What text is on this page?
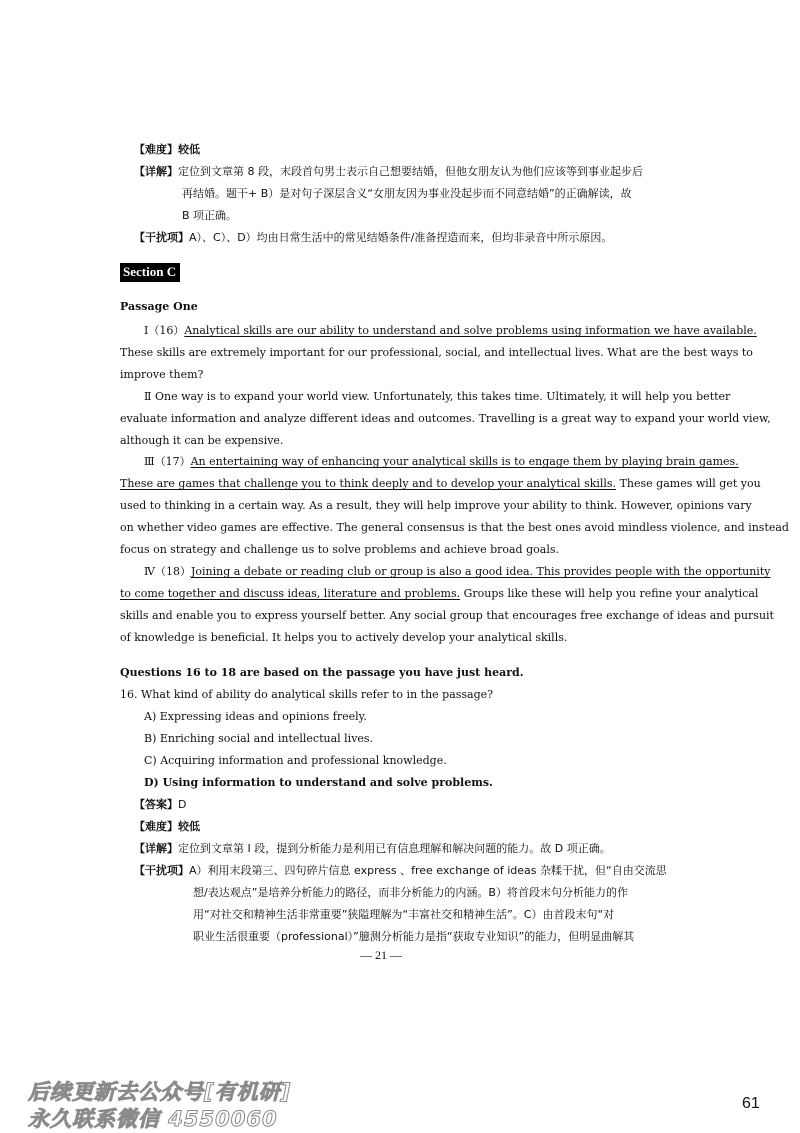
【难度】较低
【详解】定位到文章第 8 段，末段首句男士表示自己想要结婚，但他女朋友认为他们应该等到事业起步后
再结婚。题干+ B）是对句子深层含义“女朋友因为事业没起步而不同意结婚”的正确解读，故
B 项正确。
【干扰项】A）、C）、D）均由日常生活中的常见结婚条件/准备捏造而来，但均非录音中所示原因。
Section C
Passage One
Ⅰ（16）Analytical skills are our ability to understand and solve problems using information we have available.
These skills are extremely important for our professional, social, and intellectual lives. What are the best ways to
improve them?
Ⅱ One way is to expand your world view. Unfortunately, this takes time. Ultimately, it will help you better
evaluate information and analyze different ideas and outcomes. Travelling is a great way to expand your world view,
although it can be expensive.
Ⅲ（17）An entertaining way of enhancing your analytical skills is to engage them by playing brain games.
These are games that challenge you to think deeply and to develop your analytical skills. These games will get you
used to thinking in a certain way. As a result, they will help improve your ability to think. However, opinions vary
on whether video games are effective. The general consensus is that the best ones avoid mindless violence, and instead
focus on strategy and challenge us to solve problems and achieve broad goals.
Ⅳ（18）Joining a debate or reading club or group is also a good idea. This provides people with the opportunity
to come together and discuss ideas, literature and problems. Groups like these will help you refine your analytical
skills and enable you to express yourself better. Any social group that encourages free exchange of ideas and pursuit
of knowledge is beneficial. It helps you to actively develop your analytical skills.
Questions 16 to 18 are based on the passage you have just heard.
16. What kind of ability do analytical skills refer to in the passage?
A) Expressing ideas and opinions freely.
B) Enriching social and intellectual lives.
C) Acquiring information and professional knowledge.
D) Using information to understand and solve problems.
【答案】D
【难度】较低
【详解】定位到文章第 I 段，提到分析能力是利用已有信息理解和解决问题的能力。故 D 项正确。
【干扰项】A）利用末段第三、四句碎片信息 express 、free exchange of ideas 杂糅干扰，但“自由交流思
想/表达观点”是培养分析能力的路径，而非分析能力的内涵。B）将首段末句分析能力的作
用“对社交和精神生活非常重要”狭隘理解为“丰富社交和精神生活”。C）由首段末句“对
职业生活很重要（professional）”臆测分析能力是指“获取专业知识”的能力，但明显曲解其
— 21 —
61
后续更新去公众号[有机研]
永久联系微信 4550060
